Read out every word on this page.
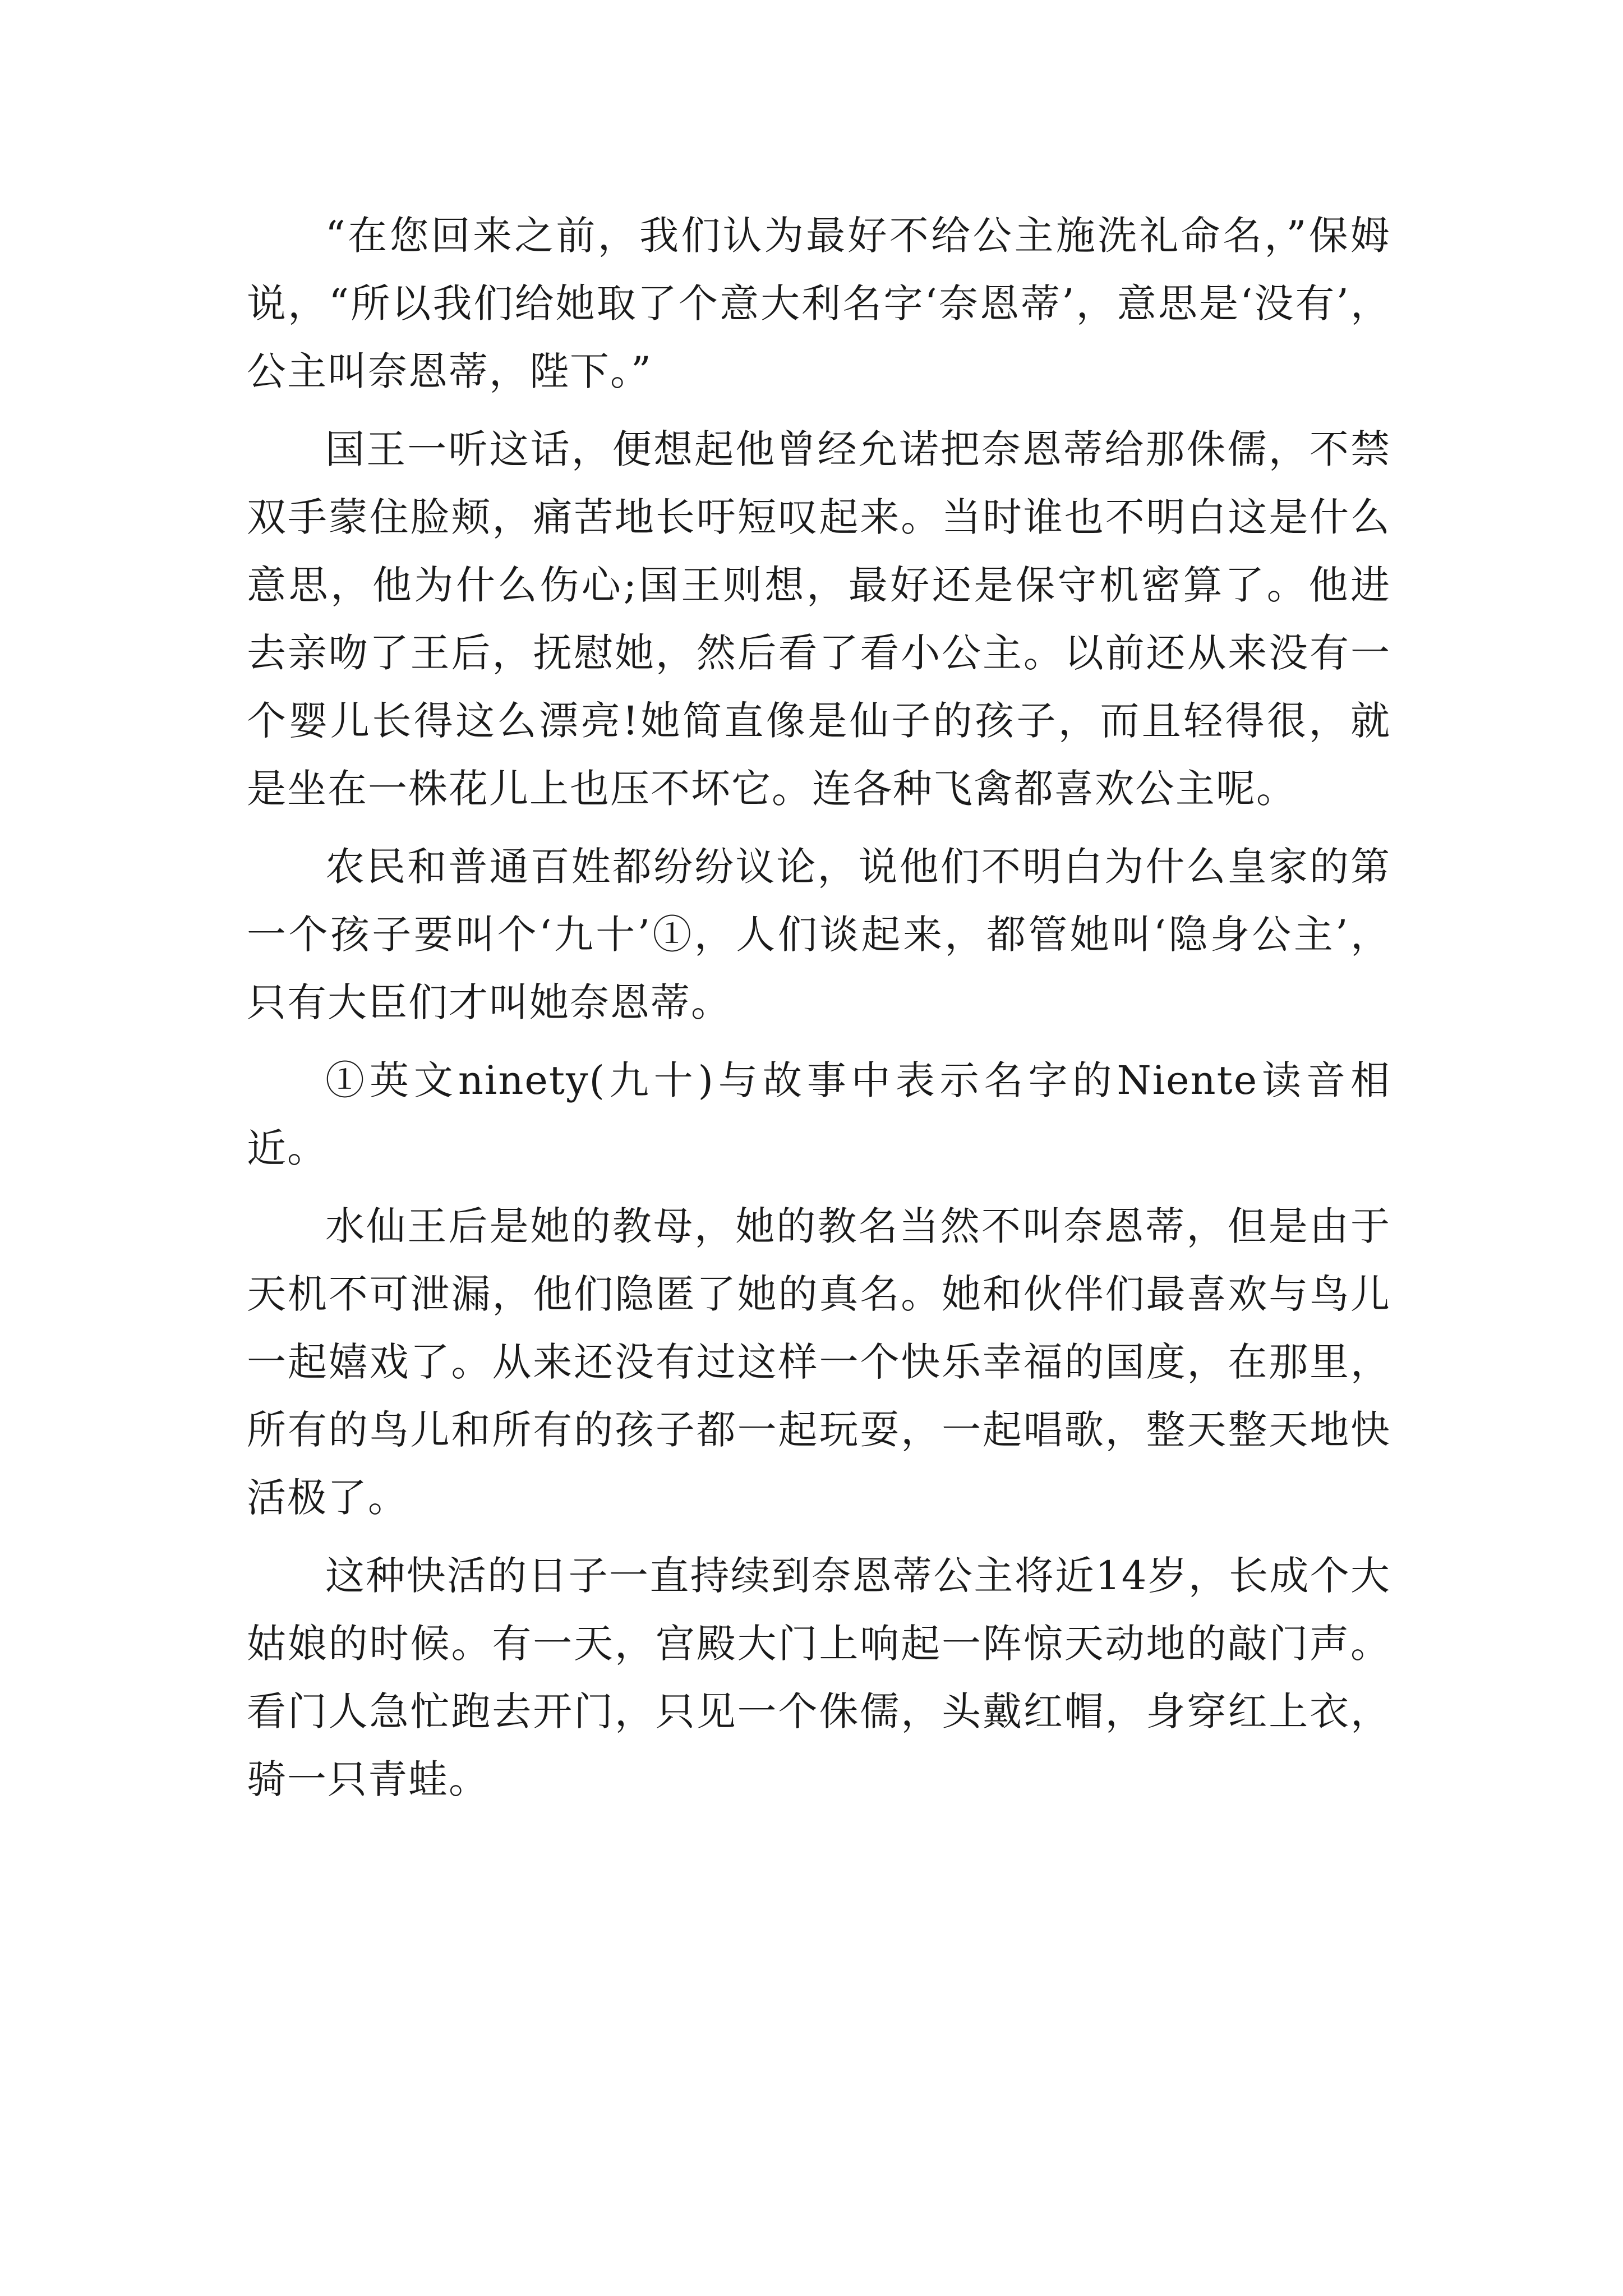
“在您回来之前，我们认为最好不给公主施洗礼命名，”保姆说，“所以我们给她取了个意大利名字‘奈恩蒂’，意思是‘没有’，公主叫奈恩蒂，陛下。”

国王一听这话，便想起他曾经允诺把奈恩蒂给那侏儒，不禁双手蒙住脸颊，痛苦地长吁短叹起来。当时谁也不明白这是什么意思，他为什么伤心;国王则想，最好还是保守机密算了。他进去亲吻了王后，抚慰她，然后看了看小公主。以前还从来没有一个婴儿长得这么漂亮!她简直像是仙子的孩子，而且轻得很，就是坐在一株花儿上也压不坏它。连各种飞禽都喜欢公主呢。

农民和普通百姓都纷纷议论，说他们不明白为什么皇家的第一个孩子要叫个‘九十’①，人们谈起来，都管她叫‘隐身公主’，只有大臣们才叫她奈恩蒂。

①英文ninety(九十)与故事中表示名字的Niente读音相近。

水仙王后是她的教母，她的教名当然不叫奈恩蒂，但是由于天机不可泄漏，他们隐匿了她的真名。她和伙伴们最喜欢与鸟儿一起嬉戏了。从来还没有过这样一个快乐幸福的国度，在那里，所有的鸟儿和所有的孩子都一起玩耍，一起唱歌，整天整天地快活极了。

这种快活的日子一直持续到奈恩蒂公主将近14岁，长成个大姑娘的时候。有一天，宫殿大门上响起一阵惊天动地的敲门声。看门人急忙跑去开门，只见一个侏儒，头戴红帽，身穿红上衣，骑一只青蛙。
